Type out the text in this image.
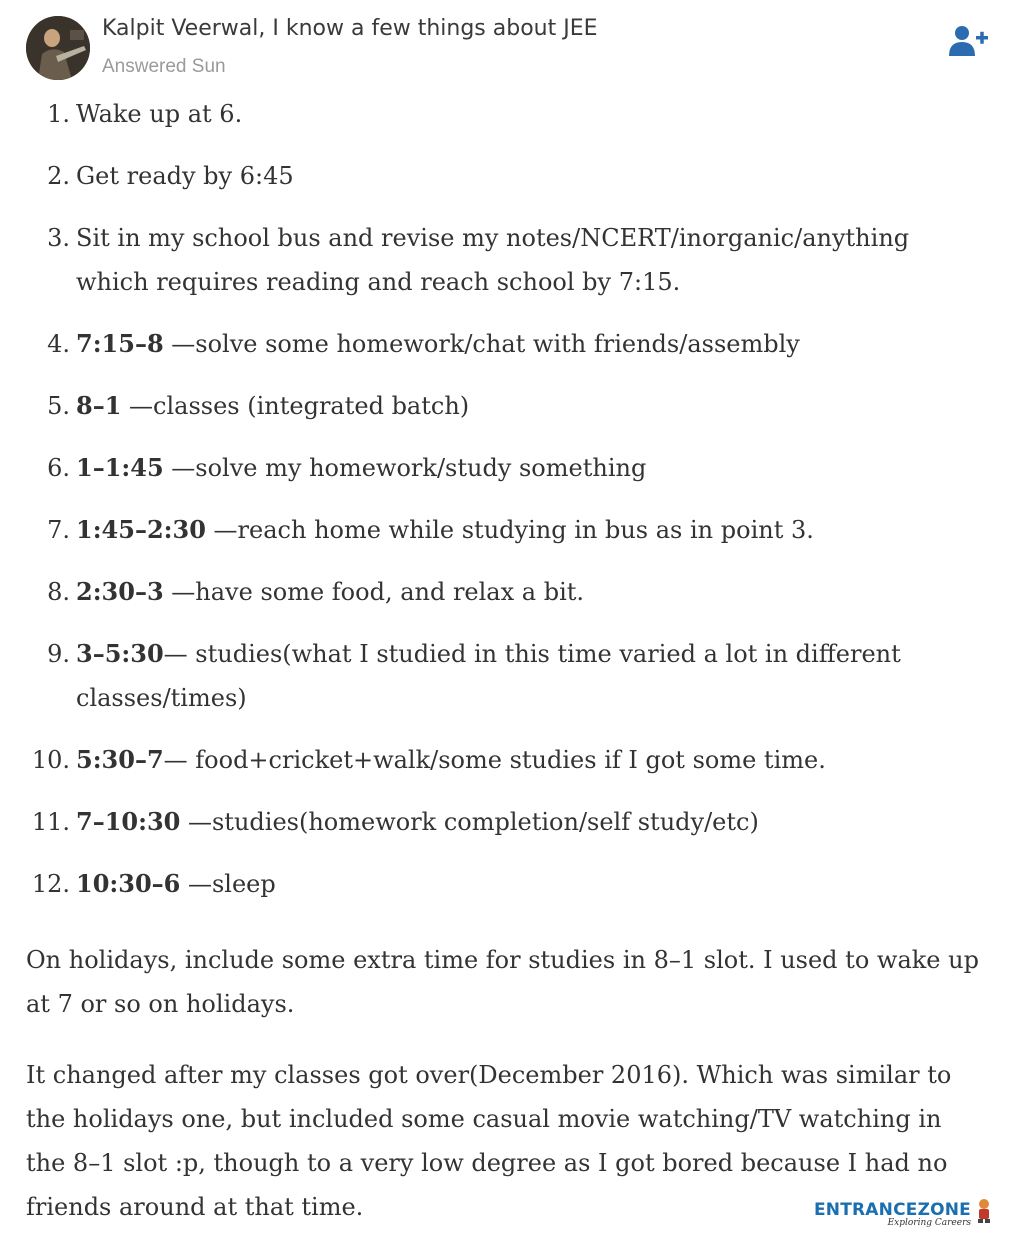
Kalpit Veerwal, I know a few things about JEE
Answered Sun
1. Wake up at 6.
2. Get ready by 6:45
3. Sit in my school bus and revise my notes/NCERT/inorganic/anything which requires reading and reach school by 7:15.
4. 7:15–8 —solve some homework/chat with friends/assembly
5. 8–1 —classes (integrated batch)
6. 1–1:45 —solve my homework/study something
7. 1:45–2:30 —reach home while studying in bus as in point 3.
8. 2:30–3 —have some food, and relax a bit.
9. 3–5:30— studies(what I studied in this time varied a lot in different classes/times)
10. 5:30–7— food+cricket+walk/some studies if I got some time.
11. 7–10:30 —studies(homework completion/self study/etc)
12. 10:30–6 —sleep

On holidays, include some extra time for studies in 8–1 slot. I used to wake up at 7 or so on holidays.

It changed after my classes got over(December 2016). Which was similar to the holidays one, but included some casual movie watching/TV watching in the 8–1 slot :p, though to a very low degree as I got bored because I had no friends around at that time.	ENTRANCEZONE
Exploring Careers
